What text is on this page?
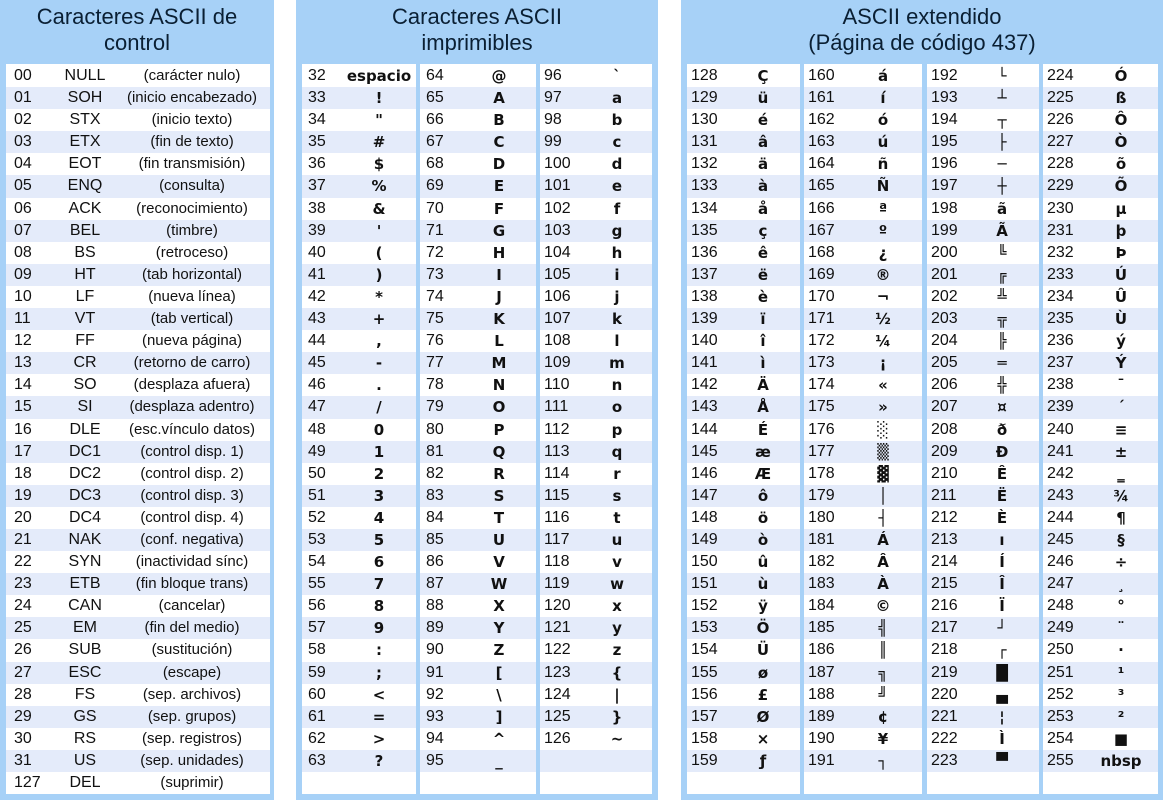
Caracteres ASCII de
control
00	NULL	(carácter nulo)
01	SOH	(inicio encabezado)
02	STX	(inicio texto)
03	ETX	(fin de texto)
04	EOT	(fin transmisión)
05	ENQ	(consulta)
06	ACK	(reconocimiento)
07	BEL	(timbre)
08	BS	(retroceso)
09	HT	(tab horizontal)
10	LF	(nueva línea)
11	VT	(tab vertical)
12	FF	(nueva página)
13	CR	(retorno de carro)
14	SO	(desplaza afuera)
15	SI	(desplaza adentro)
16	DLE	(esc.vínculo datos)
17	DC1	(control disp. 1)
18	DC2	(control disp. 2)
19	DC3	(control disp. 3)
20	DC4	(control disp. 4)
21	NAK	(conf. negativa)
22	SYN	(inactividad sínc)
23	ETB	(fin bloque trans)
24	CAN	(cancelar)
25	EM	(fin del medio)
26	SUB	(sustitución)
27	ESC	(escape)
28	FS	(sep. archivos)
29	GS	(sep. grupos)
30	RS	(sep. registros)
31	US	(sep. unidades)
127	DEL	(suprimir)
Caracteres ASCII
imprimibles
32	espacio
33	!
34	"
35	#
36	$
37	%
38	&
39	'
40	(
41	)
42	*
43	+
44	,
45	-
46	.
47	/
48	0
49	1
50	2
51	3
52	4
53	5
54	6
55	7
56	8
57	9
58	:
59	;
60	<
61	=
62	>
63	?
64	@
65	A
66	B
67	C
68	D
69	E
70	F
71	G
72	H
73	I
74	J
75	K
76	L
77	M
78	N
79	O
80	P
81	Q
82	R
83	S
84	T
85	U
86	V
87	W
88	X
89	Y
90	Z
91	[
92	\
93	]
94	^
95	_
96	`
97	a
98	b
99	c
100	d
101	e
102	f
103	g
104	h
105	i
106	j
107	k
108	l
109	m
110	n
111	o
112	p
113	q
114	r
115	s
116	t
117	u
118	v
119	w
120	x
121	y
122	z
123	{
124	|
125	}
126	~
ASCII extendido
(Página de código 437)
128	Ç
129	ü
130	é
131	â
132	ä
133	à
134	å
135	ç
136	ê
137	ë
138	è
139	ï
140	î
141	ì
142	Ä
143	Å
144	É
145	æ
146	Æ
147	ô
148	ö
149	ò
150	û
151	ù
152	ÿ
153	Ö
154	Ü
155	ø
156	£
157	Ø
158	×
159	ƒ
160	á
161	í
162	ó
163	ú
164	ñ
165	Ñ
166	ª
167	º
168	¿
169	®
170	¬
171	½
172	¼
173	¡
174	«
175	»
176	░
177	▒
178	▓
179	│
180	┤
181	Á
182	Â
183	À
184	©
185	╣
186	║
187	╗
188	╝
189	¢
190	¥
191	┐
192	└
193	┴
194	┬
195	├
196	─
197	┼
198	ã
199	Ã
200	╚
201	╔
202	╩
203	╦
204	╠
205	═
206	╬
207	¤
208	ð
209	Ð
210	Ê
211	Ë
212	È
213	ı
214	Í
215	Î
216	Ï
217	┘
218	┌
219	█
220	▄
221	¦
222	Ì
223	▀
224	Ó
225	ß
226	Ô
227	Ò
228	õ
229	Õ
230	µ
231	þ
232	Þ
233	Ú
234	Û
235	Ù
236	ý
237	Ý
238	¯
239	´
240	≡
241	±
242	‗
243	¾
244	¶
245	§
246	÷
247	¸
248	°
249	¨
250	·
251	¹
252	³
253	²
254	■
255	nbsp
